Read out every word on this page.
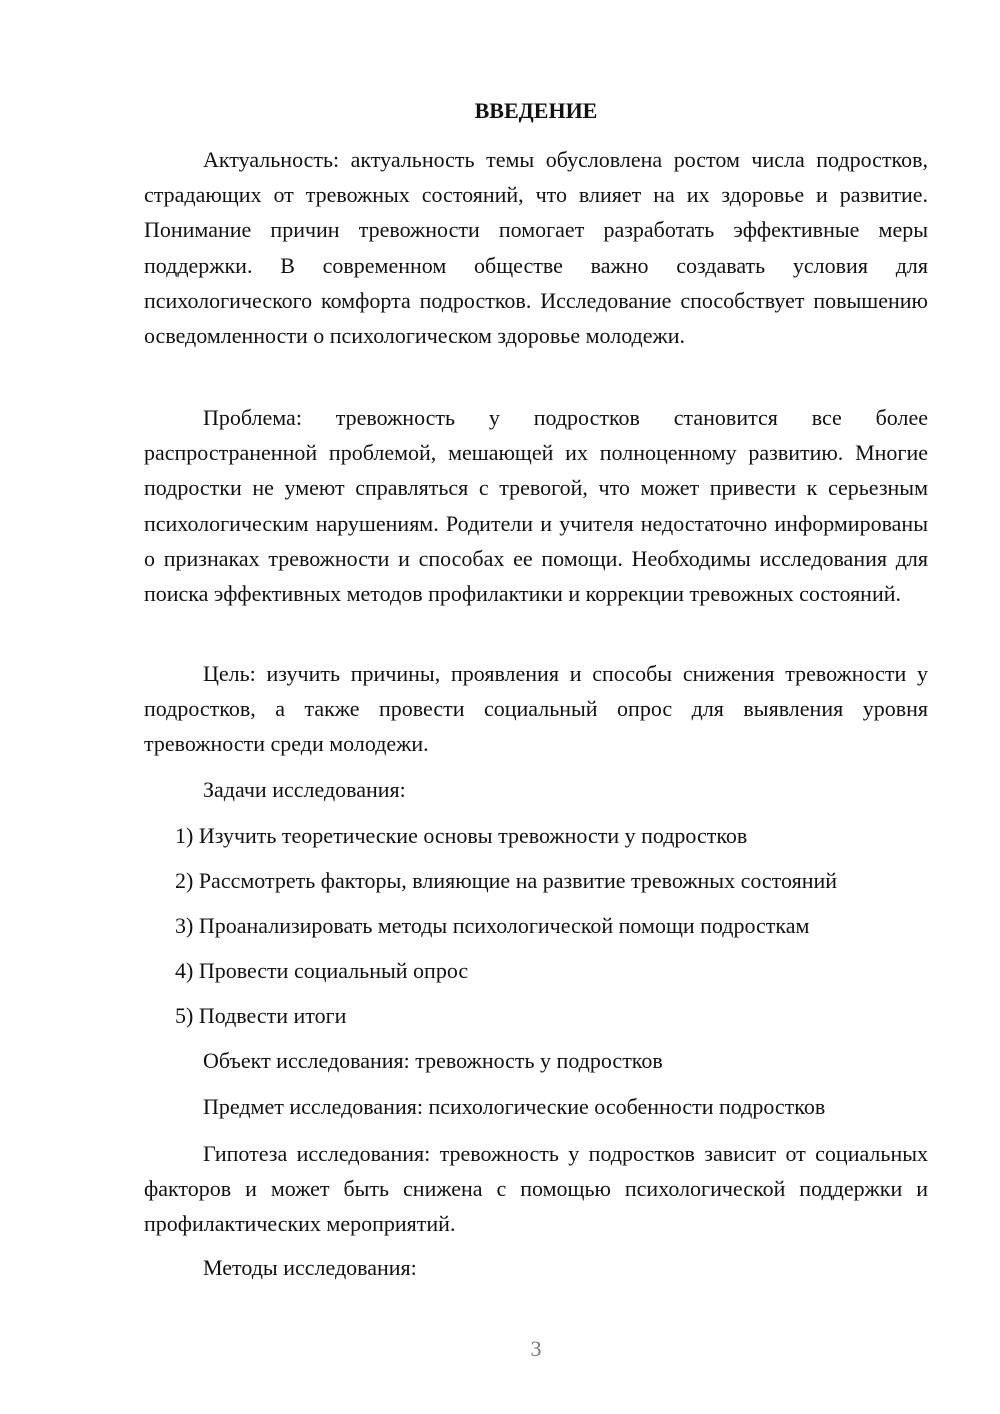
ВВЕДЕНИЕ

Актуальность: актуальность темы обусловлена ростом числа подростков, страдающих от тревожных состояний, что влияет на их здоровье и развитие. Понимание причин тревожности помогает разработать эффективные меры поддержки. В современном обществе важно создавать условия для психологического комфорта подростков. Исследование способствует повышению осведомленности о психологическом здоровье молодежи.

Проблема: тревожность у подростков становится все более распространенной проблемой, мешающей их полноценному развитию. Многие подростки не умеют справляться с тревогой, что может привести к серьезным психологическим нарушениям. Родители и учителя недостаточно информированы о признаках тревожности и способах ее помощи. Необходимы исследования для поиска эффективных методов профилактики и коррекции тревожных состояний.

Цель: изучить причины, проявления и способы снижения тревожности у подростков, а также провести социальный опрос для выявления уровня тревожности среди молодежи.

Задачи исследования:

1) Изучить теоретические основы тревожности у подростков

2) Рассмотреть факторы, влияющие на развитие тревожных состояний

3) Проанализировать методы психологической помощи подросткам

4) Провести социальный опрос

5) Подвести итоги

Объект исследования: тревожность у подростков

Предмет исследования: психологические особенности подростков

Гипотеза исследования: тревожность у подростков зависит от социальных факторов и может быть снижена с помощью психологической поддержки и профилактических мероприятий.

Методы исследования:

3
